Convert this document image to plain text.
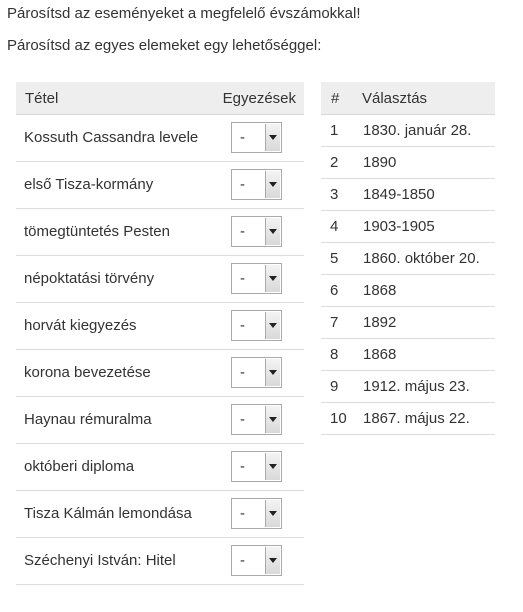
Párosítsd az eseményeket a megfelelő évszámokkal!
Párosítsd az egyes elemeket egy lehetőséggel:
Tétel	Egyezések
Kossuth Cassandra levele	-
első Tisza-kormány	-
tömegtüntetés Pesten	-
népoktatási törvény	-
horvát kiegyezés	-
korona bevezetése	-
Haynau rémuralma	-
októberi diploma	-
Tisza Kálmán lemondása	-
Széchenyi István: Hitel	-
# Választás
1	1830. január 28.
2	1890
3	1849-1850
4	1903-1905
5	1860. október 20.
6	1868
7	1892
8	1868
9	1912. május 23.
10	1867. május 22.
